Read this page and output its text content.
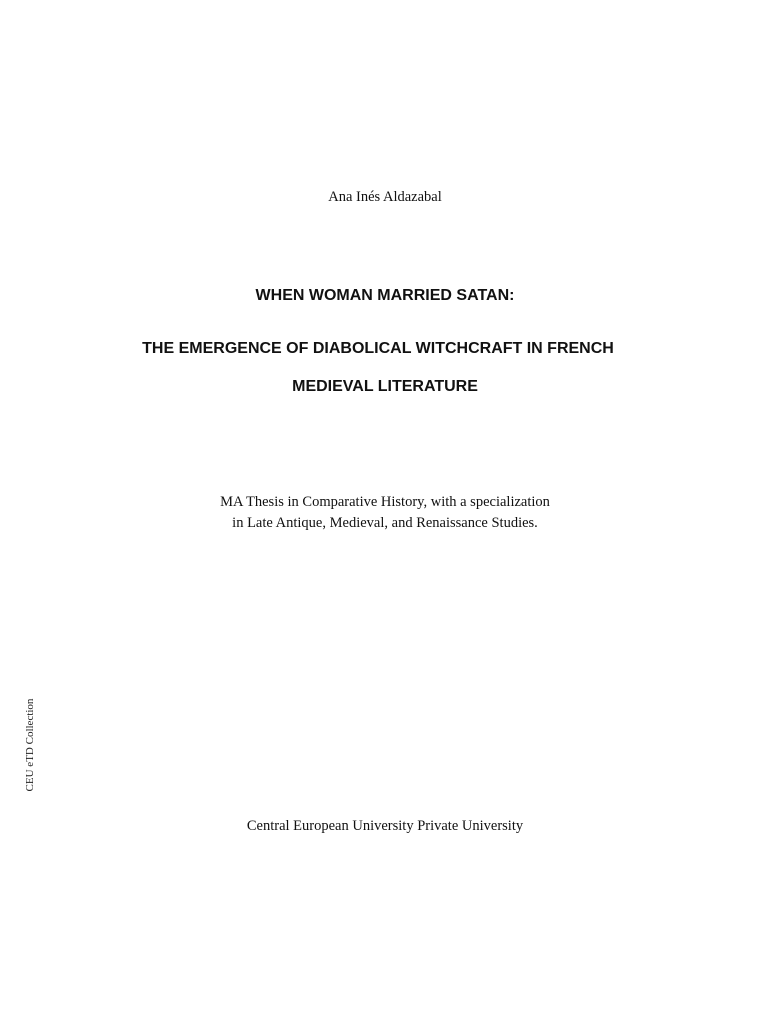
Ana Inés Aldazabal
WHEN WOMAN MARRIED SATAN:
THE EMERGENCE OF DIABOLICAL WITCHCRAFT IN FRENCH
MEDIEVAL LITERATURE
MA Thesis in Comparative History, with a specialization
in Late Antique, Medieval, and Renaissance Studies.
Central European University Private University
CEU eTD Collection
